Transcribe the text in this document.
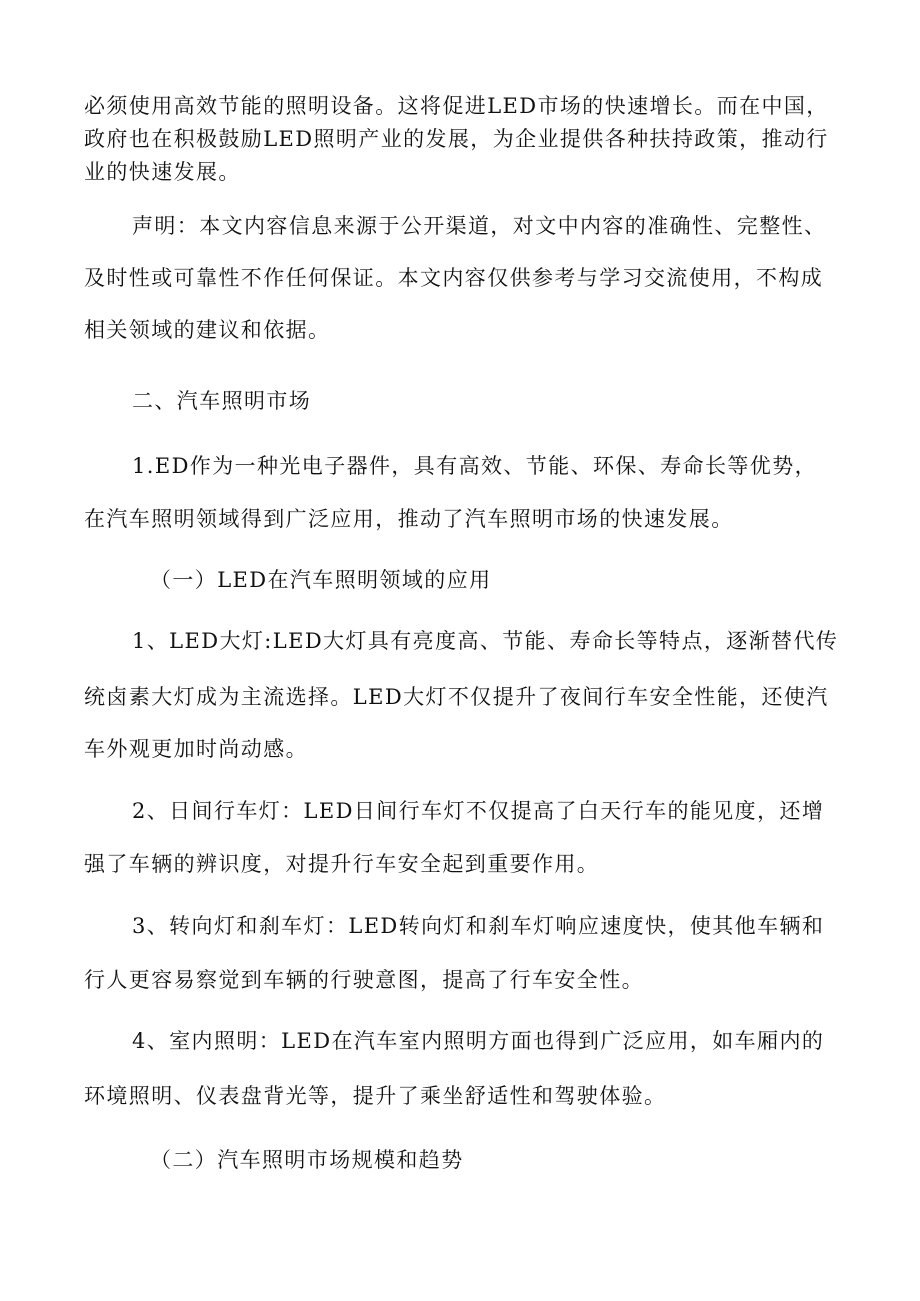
必须使用高效节能的照明设备。这将促进LED市场的快速增长。而在中国，
政府也在积极鼓励LED照明产业的发展，为企业提供各种扶持政策，推动行
业的快速发展。
声明：本文内容信息来源于公开渠道，对文中内容的准确性、完整性、
及时性或可靠性不作任何保证。本文内容仅供参考与学习交流使用，不构成
相关领域的建议和依据。
二、汽车照明市场
1.ED作为一种光电子器件，具有高效、节能、环保、寿命长等优势，
在汽车照明领域得到广泛应用，推动了汽车照明市场的快速发展。
（一）LED在汽车照明领域的应用
1、LED大灯:LED大灯具有亮度高、节能、寿命长等特点，逐渐替代传
统卤素大灯成为主流选择。LED大灯不仅提升了夜间行车安全性能，还使汽
车外观更加时尚动感。
2、日间行车灯：LED日间行车灯不仅提高了白天行车的能见度，还增
强了车辆的辨识度，对提升行车安全起到重要作用。
3、转向灯和刹车灯：LED转向灯和刹车灯响应速度快，使其他车辆和
行人更容易察觉到车辆的行驶意图，提高了行车安全性。
4、室内照明：LED在汽车室内照明方面也得到广泛应用，如车厢内的
环境照明、仪表盘背光等，提升了乘坐舒适性和驾驶体验。
（二）汽车照明市场规模和趋势
